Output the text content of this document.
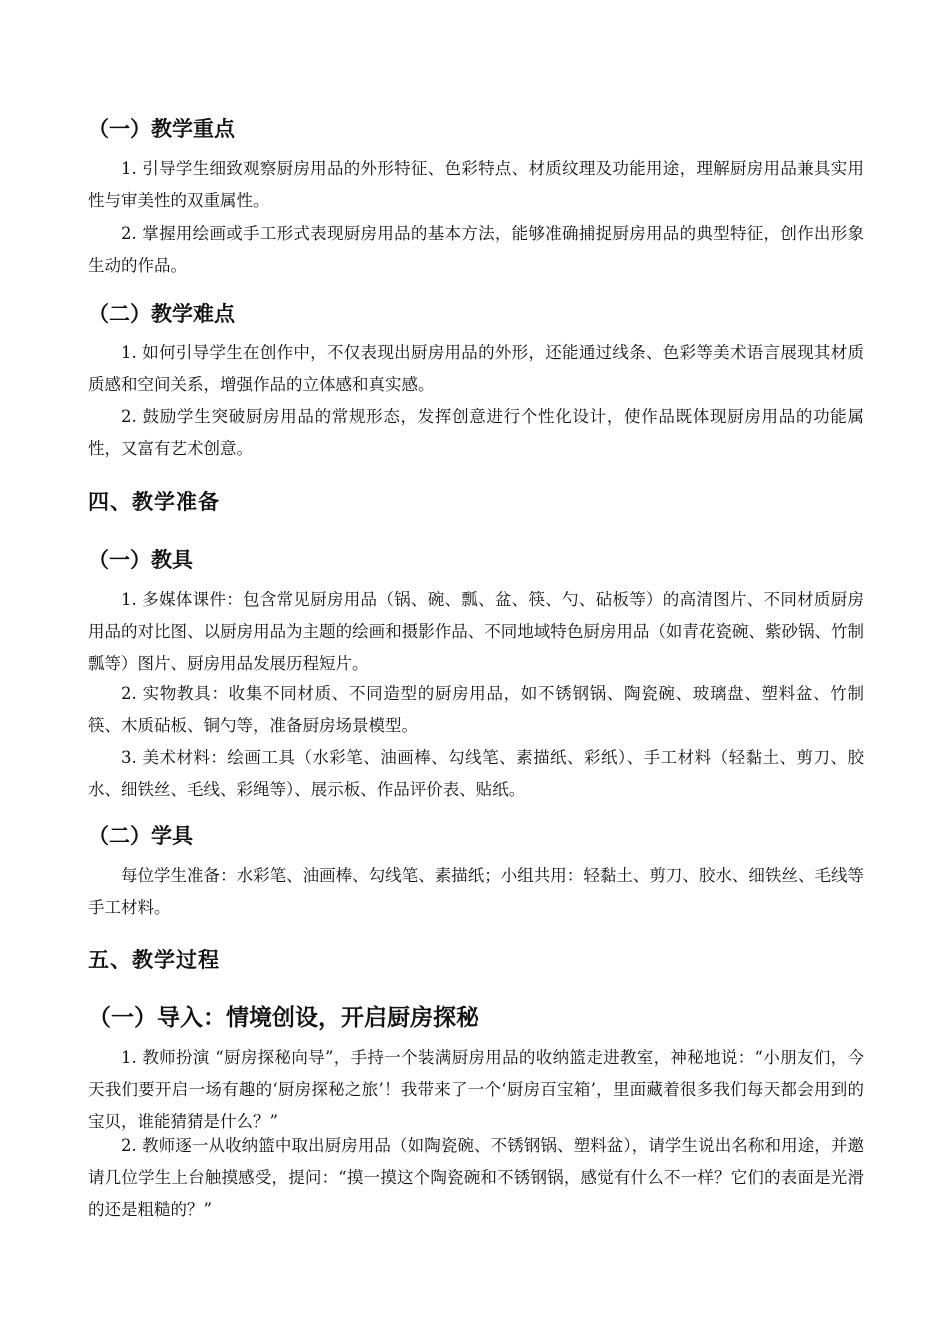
（一）教学重点

1. 引导学生细致观察厨房用品的外形特征、色彩特点、材质纹理及功能用途，理解厨房用品兼具实用性与审美性的双重属性。

2. 掌握用绘画或手工形式表现厨房用品的基本方法，能够准确捕捉厨房用品的典型特征，创作出形象生动的作品。

（二）教学难点

1. 如何引导学生在创作中，不仅表现出厨房用品的外形，还能通过线条、色彩等美术语言展现其材质质感和空间关系，增强作品的立体感和真实感。

2. 鼓励学生突破厨房用品的常规形态，发挥创意进行个性化设计，使作品既体现厨房用品的功能属性，又富有艺术创意。

四、教学准备
（一）教具

1. 多媒体课件：包含常见厨房用品（锅、碗、瓢、盆、筷、勺、砧板等）的高清图片、不同材质厨房用品的对比图、以厨房用品为主题的绘画和摄影作品、不同地域特色厨房用品（如青花瓷碗、紫砂锅、竹制瓢等）图片、厨房用品发展历程短片。

2. 实物教具：收集不同材质、不同造型的厨房用品，如不锈钢锅、陶瓷碗、玻璃盘、塑料盆、竹制筷、木质砧板、铜勺等，准备厨房场景模型。

3. 美术材料：绘画工具（水彩笔、油画棒、勾线笔、素描纸、彩纸）、手工材料（轻黏土、剪刀、胶水、细铁丝、毛线、彩绳等）、展示板、作品评价表、贴纸。

（二）学具

每位学生准备：水彩笔、油画棒、勾线笔、素描纸；小组共用：轻黏土、剪刀、胶水、细铁丝、毛线等手工材料。

五、教学过程
（一）导入：情境创设，开启厨房探秘

1. 教师扮演 “厨房探秘向导”，手持一个装满厨房用品的收纳篮走进教室，神秘地说：“小朋友们，今天我们要开启一场有趣的‘厨房探秘之旅’！我带来了一个‘厨房百宝箱’，里面藏着很多我们每天都会用到的宝贝，谁能猜猜是什么？”

2. 教师逐一从收纳篮中取出厨房用品（如陶瓷碗、不锈钢锅、塑料盆），请学生说出名称和用途，并邀请几位学生上台触摸感受，提问：“摸一摸这个陶瓷碗和不锈钢锅，感觉有什么不一样？它们的表面是光滑的还是粗糙的？”
